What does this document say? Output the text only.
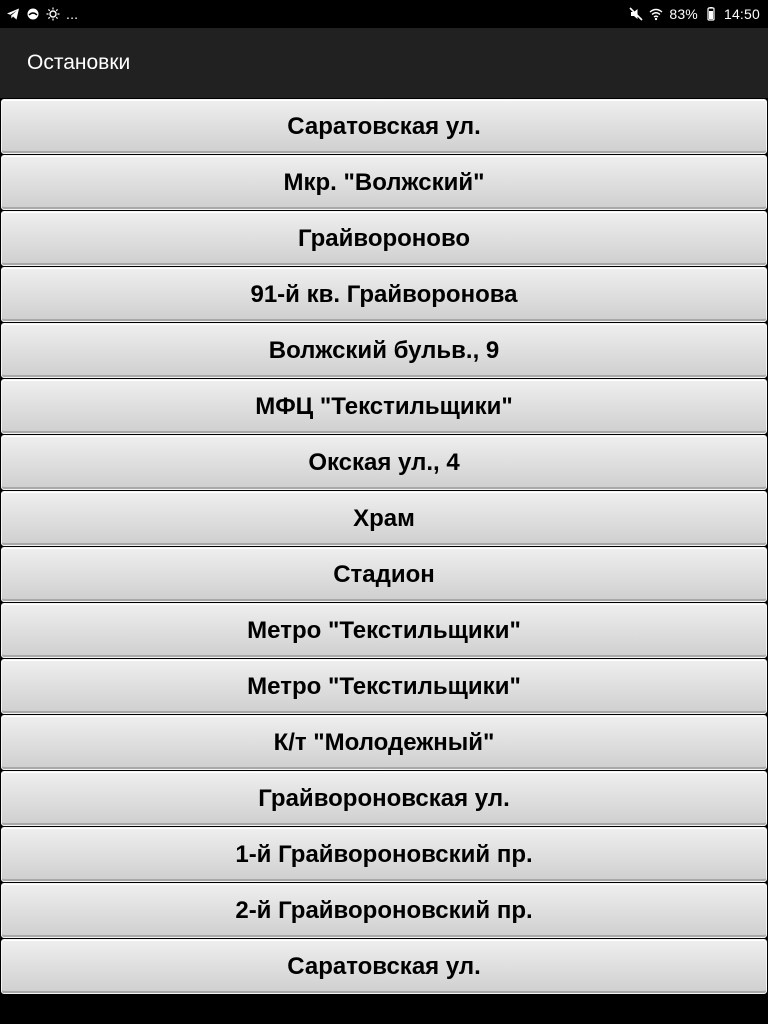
...	83% 14:50
Остановки
Саратовская ул.
Мкр. "Волжский"
Грайвороново
91-й кв. Грайворонова
Волжский бульв., 9
МФЦ "Текстильщики"
Окская ул., 4
Храм
Стадион
Метро "Текстильщики"
Метро "Текстильщики"
К/т "Молодежный"
Грайвороновская ул.
1-й Грайвороновский пр.
2-й Грайвороновский пр.
Саратовская ул.
